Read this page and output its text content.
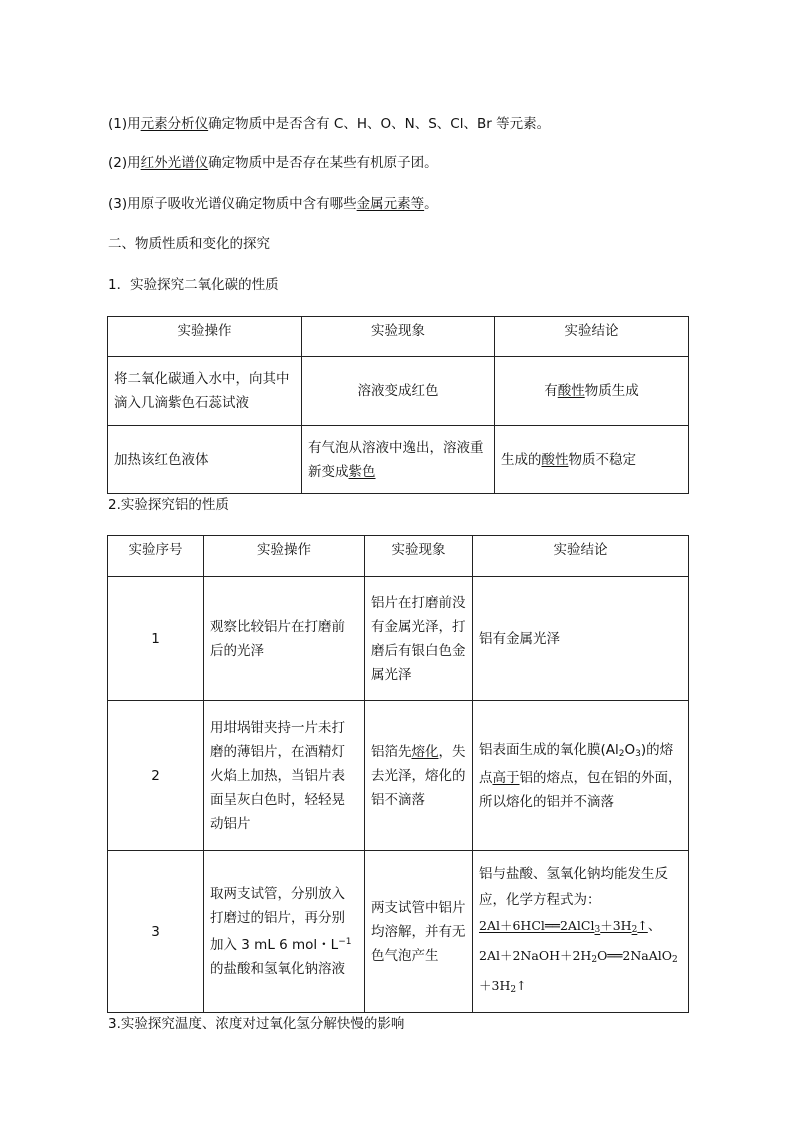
(1)用元素分析仪确定物质中是否含有 C、H、O、N、S、Cl、Br 等元素。
(2)用红外光谱仪确定物质中是否存在某些有机原子团。
(3)用原子吸收光谱仪确定物质中含有哪些金属元素等。
二、物质性质和变化的探究
1．实验探究二氧化碳的性质
实验操作	实验现象	实验结论
将二氧化碳通入水中，向其中滴入几滴紫色石蕊试液	溶液变成红色	有酸性物质生成
加热该红色液体	有气泡从溶液中逸出，溶液重新变成紫色	生成的酸性物质不稳定
2.实验探究铝的性质
实验序号	实验操作	实验现象	实验结论
1	观察比较铝片在打磨前后的光泽	铝片在打磨前没有金属光泽，打磨后有银白色金属光泽	铝有金属光泽
2	用坩埚钳夹持一片未打磨的薄铝片，在酒精灯火焰上加热，当铝片表面呈灰白色时，轻轻晃动铝片	铝箔先熔化，失去光泽，熔化的铝不滴落	铝表面生成的氧化膜$(Al_2O_3)$的熔点高于铝的熔点，包在铝的外面，所以熔化的铝并不滴落
3	取两支试管，分别放入打磨过的铝片，再分别加入 3 mL 6 mol・$L^{-1}$的盐酸和氢氧化钠溶液	两支试管中铝片均溶解，并有无色气泡产生	铝与盐酸、氢氧化钠均能发生反应，化学方程式为：
$2Al+6HCl══2AlCl_3+3H_2↑$、$2Al+2NaOH+2H_2O══2NaAlO_2+3H_2↑$
3.实验探究温度、浓度对过氧化氢分解快慢的影响
